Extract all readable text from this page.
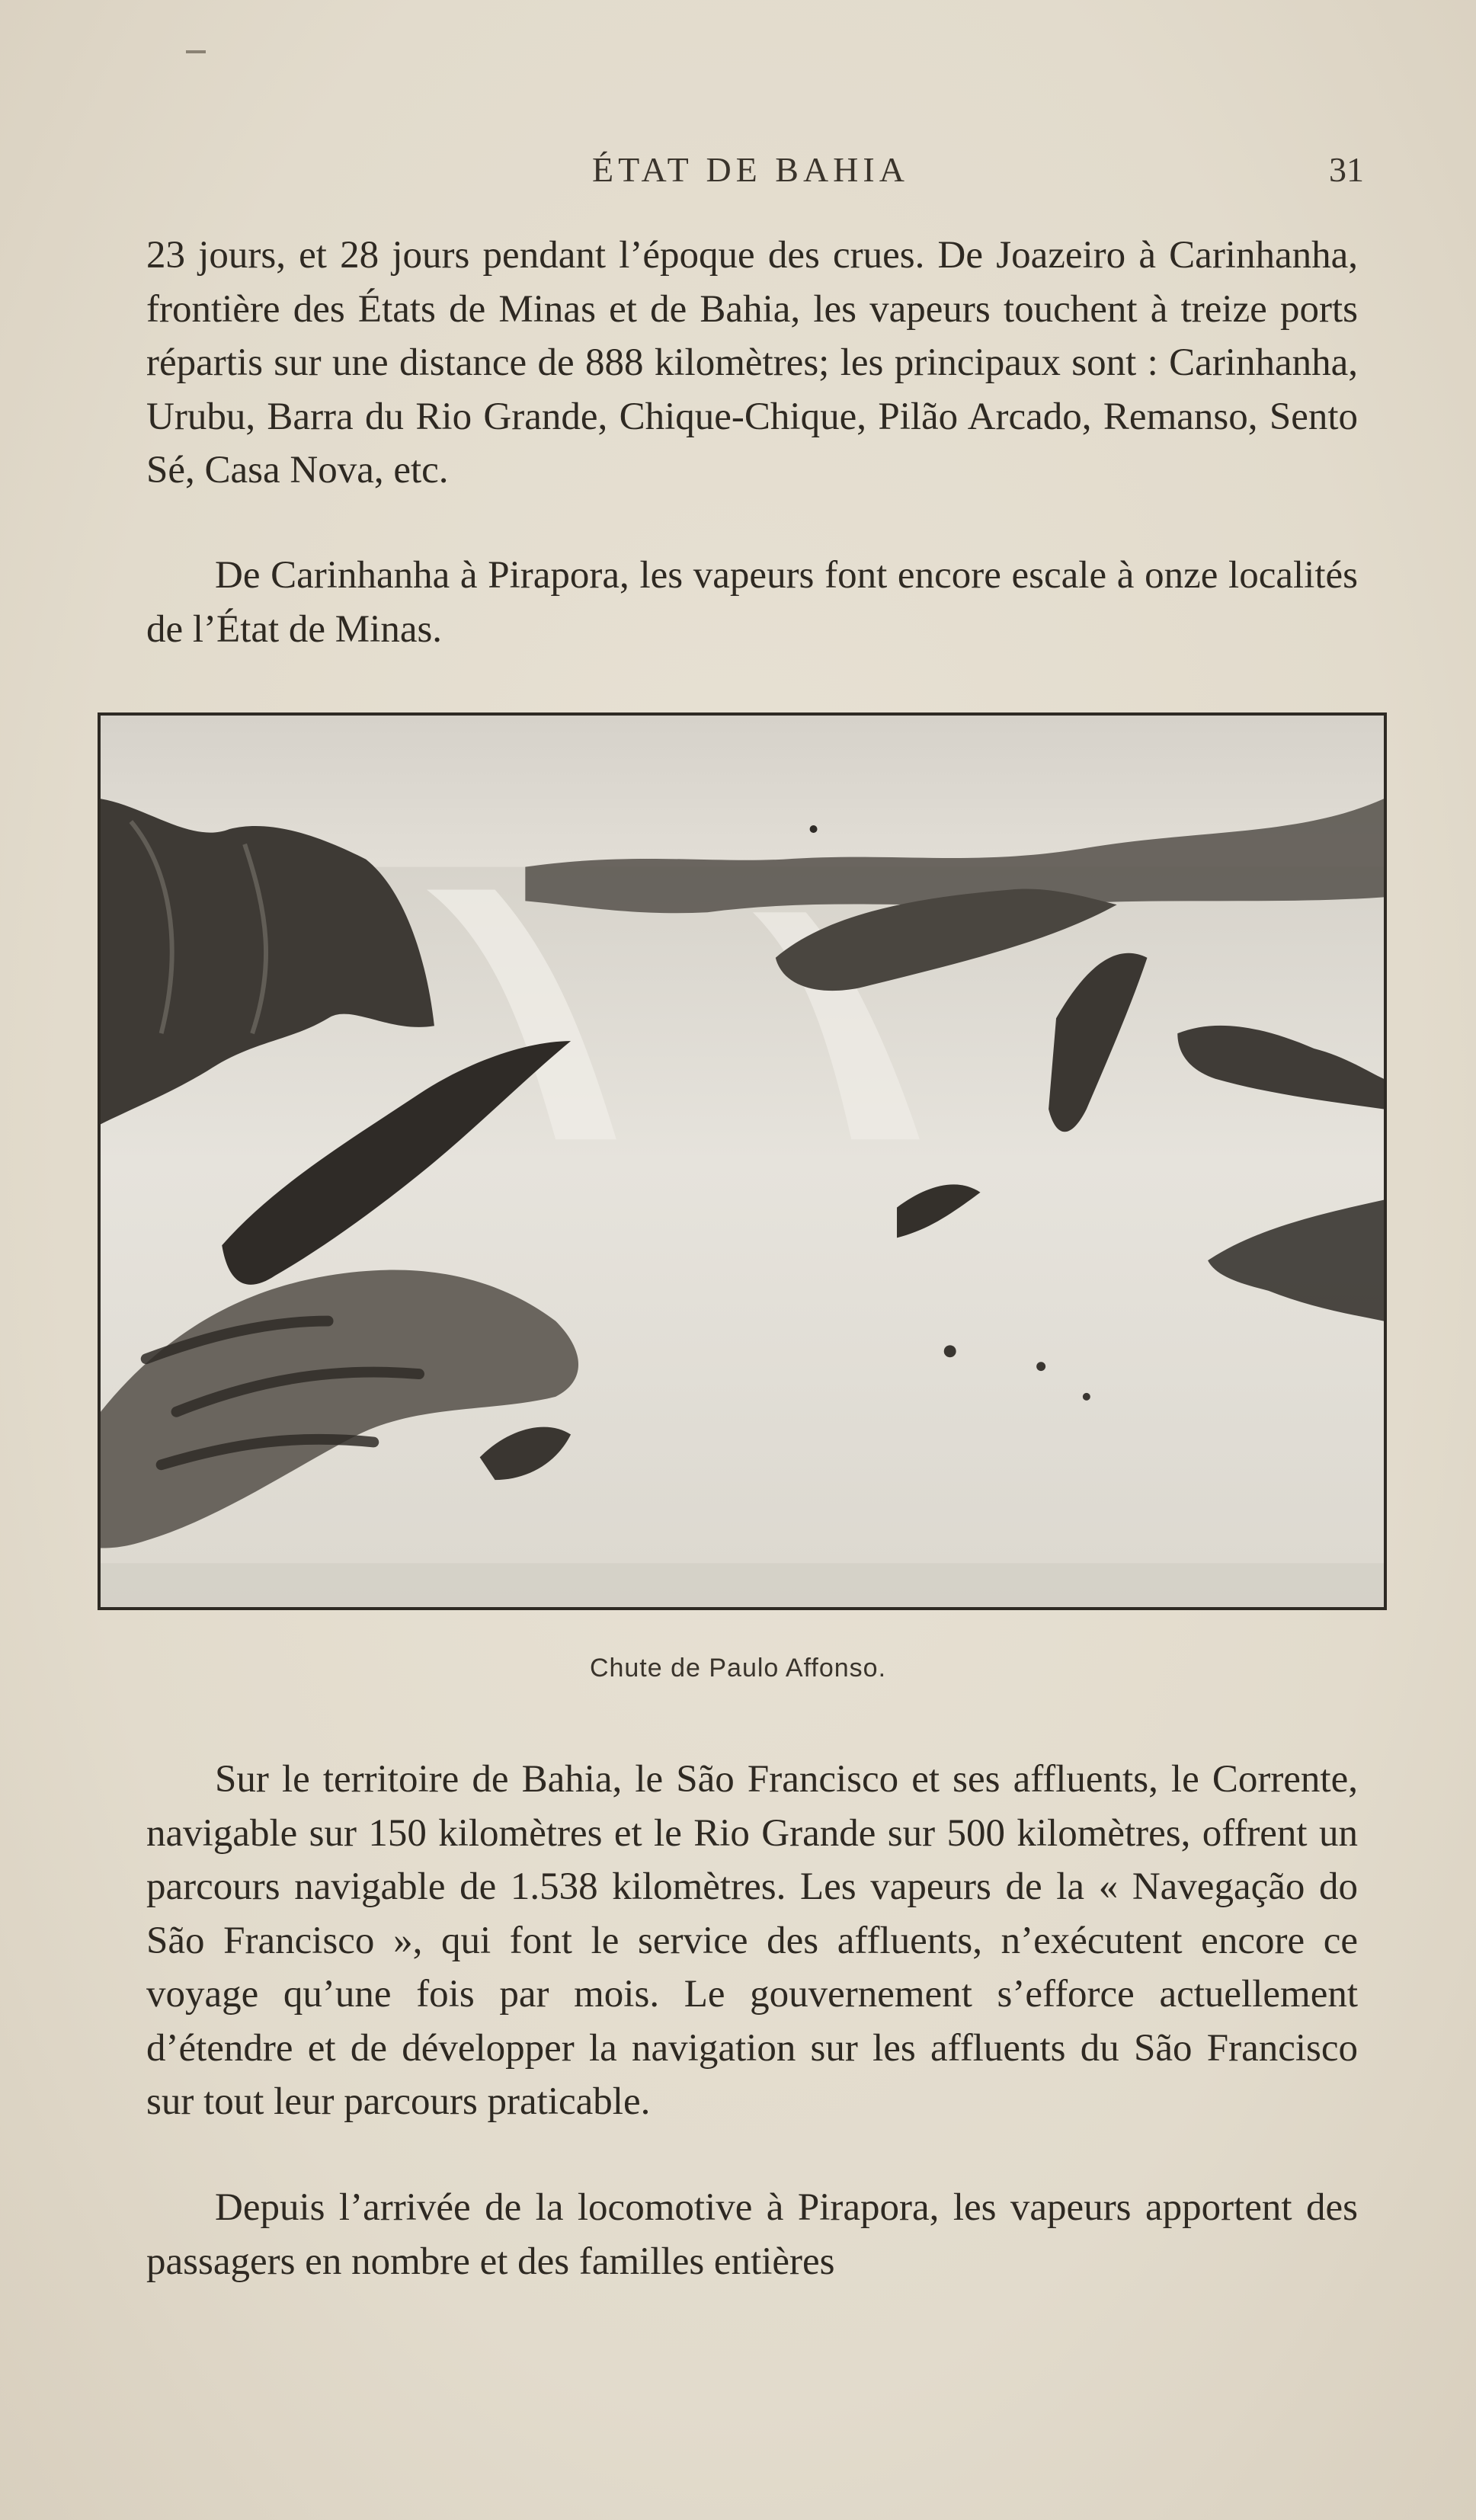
ÉTAT DE BAHIA	31

23 jours, et 28 jours pendant l’époque des crues. De Joazeiro à Carinhanha, frontière des États de Minas et de Bahia, les vapeurs touchent à treize ports répartis sur une distance de 888 kilomètres; les principaux sont : Carinhanha, Urubu, Barra du Rio Grande, Chique-Chique, Pilão Arcado, Remanso, Sento Sé, Casa Nova, etc.

De Carinhanha à Pirapora, les vapeurs font encore escale à onze localités de l’État de Minas.

Chute de Paulo Affonso.

Sur le territoire de Bahia, le São Francisco et ses affluents, le Corrente, navigable sur 150 kilomètres et le Rio Grande sur 500 kilomètres, offrent un parcours navigable de 1.538 kilomètres. Les vapeurs de la « Navegação do São Francisco », qui font le service des affluents, n’exécutent encore ce voyage qu’une fois par mois. Le gouvernement s’efforce actuellement d’étendre et de développer la navigation sur les affluents du São Francisco sur tout leur parcours praticable.

Depuis l’arrivée de la locomotive à Pirapora, les vapeurs apportent des passagers en nombre et des familles entières
